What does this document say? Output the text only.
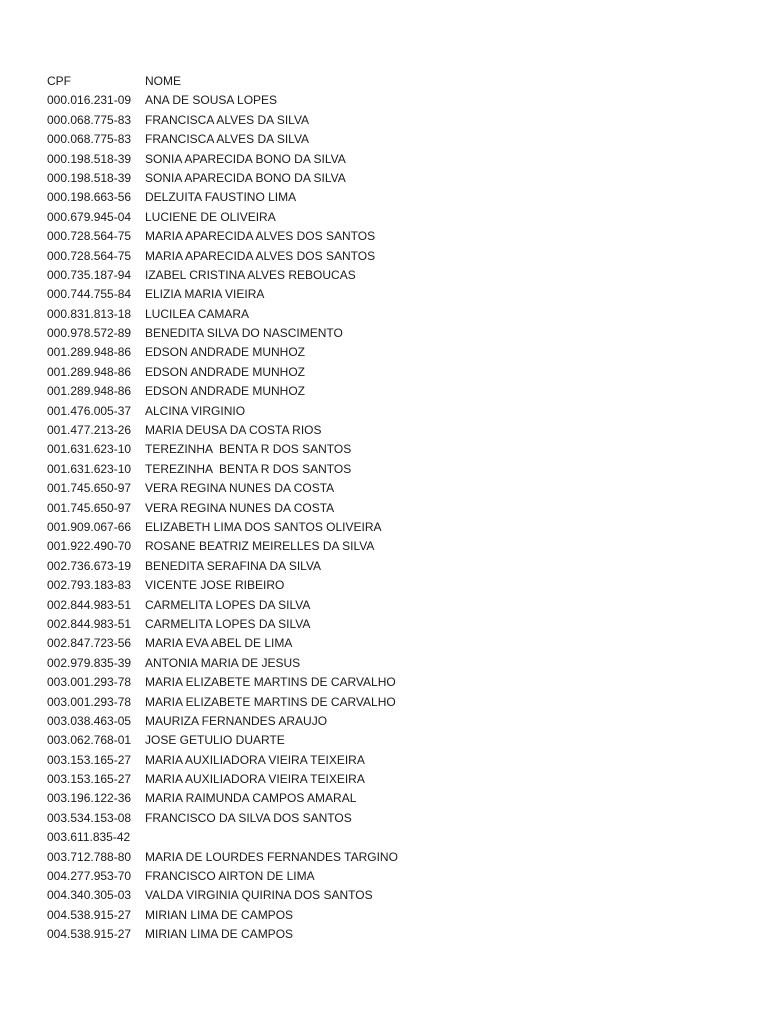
CPF	NOME
000.016.231-09	ANA DE SOUSA LOPES
000.068.775-83	FRANCISCA ALVES DA SILVA
000.068.775-83	FRANCISCA ALVES DA SILVA
000.198.518-39	SONIA APARECIDA BONO DA SILVA
000.198.518-39	SONIA APARECIDA BONO DA SILVA
000.198.663-56	DELZUITA FAUSTINO LIMA
000.679.945-04	LUCIENE DE OLIVEIRA
000.728.564-75	MARIA APARECIDA ALVES DOS SANTOS
000.728.564-75	MARIA APARECIDA ALVES DOS SANTOS
000.735.187-94	IZABEL CRISTINA ALVES REBOUCAS
000.744.755-84	ELIZIA MARIA VIEIRA
000.831.813-18	LUCILEA CAMARA
000.978.572-89	BENEDITA SILVA DO NASCIMENTO
001.289.948-86	EDSON ANDRADE MUNHOZ
001.289.948-86	EDSON ANDRADE MUNHOZ
001.289.948-86	EDSON ANDRADE MUNHOZ
001.476.005-37	ALCINA VIRGINIO
001.477.213-26	MARIA DEUSA DA COSTA RIOS
001.631.623-10	TEREZINHA  BENTA R DOS SANTOS
001.631.623-10	TEREZINHA  BENTA R DOS SANTOS
001.745.650-97	VERA REGINA NUNES DA COSTA
001.745.650-97	VERA REGINA NUNES DA COSTA
001.909.067-66	ELIZABETH LIMA DOS SANTOS OLIVEIRA
001.922.490-70	ROSANE BEATRIZ MEIRELLES DA SILVA
002.736.673-19	BENEDITA SERAFINA DA SILVA
002.793.183-83	VICENTE JOSE RIBEIRO
002.844.983-51	CARMELITA LOPES DA SILVA
002.844.983-51	CARMELITA LOPES DA SILVA
002.847.723-56	MARIA EVA ABEL DE LIMA
002.979.835-39	ANTONIA MARIA DE JESUS
003.001.293-78	MARIA ELIZABETE MARTINS DE CARVALHO
003.001.293-78	MARIA ELIZABETE MARTINS DE CARVALHO
003.038.463-05	MAURIZA FERNANDES ARAUJO
003.062.768-01	JOSE GETULIO DUARTE
003.153.165-27	MARIA AUXILIADORA VIEIRA TEIXEIRA
003.153.165-27	MARIA AUXILIADORA VIEIRA TEIXEIRA
003.196.122-36	MARIA RAIMUNDA CAMPOS AMARAL
003.534.153-08	FRANCISCO DA SILVA DOS SANTOS
003.611.835-42
003.712.788-80	MARIA DE LOURDES FERNANDES TARGINO
004.277.953-70	FRANCISCO AIRTON DE LIMA
004.340.305-03	VALDA VIRGINIA QUIRINA DOS SANTOS
004.538.915-27	MIRIAN LIMA DE CAMPOS
004.538.915-27	MIRIAN LIMA DE CAMPOS
